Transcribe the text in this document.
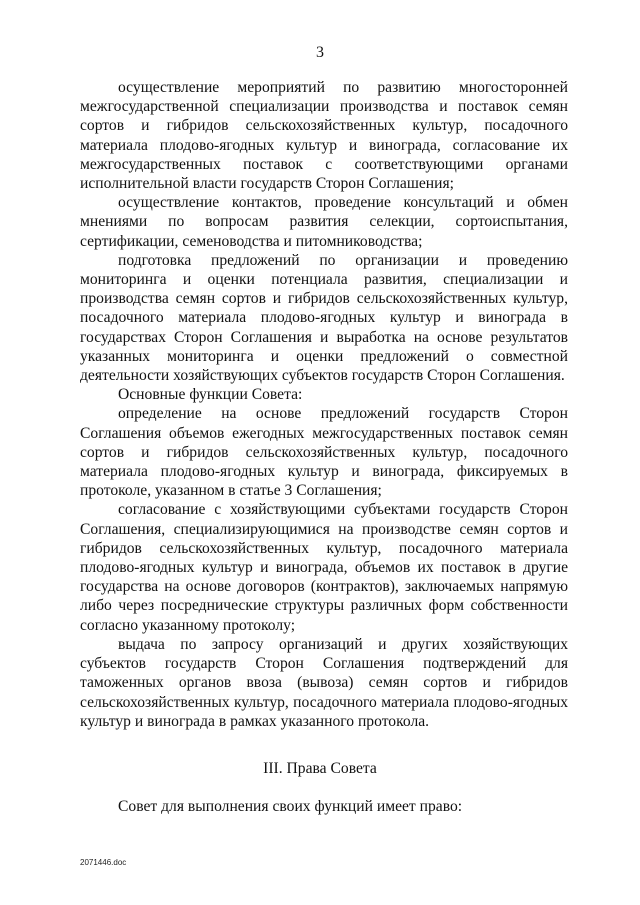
3

осуществление мероприятий по развитию многосторонней межгосударственной специализации производства и поставок семян сортов и гибридов сельскохозяйственных культур, посадочного материала плодово-ягодных культур и винограда, согласование их межгосударственных поставок с соответствующими органами исполнительной власти государств Сторон Соглашения;

осуществление контактов, проведение консультаций и обмен мнениями по вопросам развития селекции, сортоиспытания, сертификации, семеноводства и питомниководства;

подготовка предложений по организации и проведению мониторинга и оценки потенциала развития, специализации и производства семян сортов и гибридов сельскохозяйственных культур, посадочного материала плодово-ягодных культур и винограда в государствах Сторон Соглашения и выработка на основе результатов указанных мониторинга и оценки предложений о совместной деятельности хозяйствующих субъектов государств Сторон Соглашения.

Основные функции Совета:

определение на основе предложений государств Сторон Соглашения объемов ежегодных межгосударственных поставок семян сортов и гибридов сельскохозяйственных культур, посадочного материала плодово-ягодных культур и винограда, фиксируемых в протоколе, указанном в статье 3 Соглашения;

согласование с хозяйствующими субъектами государств Сторон Соглашения, специализирующимися на производстве семян сортов и гибридов сельскохозяйственных культур, посадочного материала плодово-ягодных культур и винограда, объемов их поставок в другие государства на основе договоров (контрактов), заключаемых напрямую либо через посреднические структуры различных форм собственности согласно указанному протоколу;

выдача по запросу организаций и других хозяйствующих субъектов государств Сторон Соглашения подтверждений для таможенных органов ввоза (вывоза) семян сортов и гибридов сельскохозяйственных культур, посадочного материала плодово-ягодных культур и винограда в рамках указанного протокола.

III. Права Совета
Совет для выполнения своих функций имеет право:
2071446.doc
